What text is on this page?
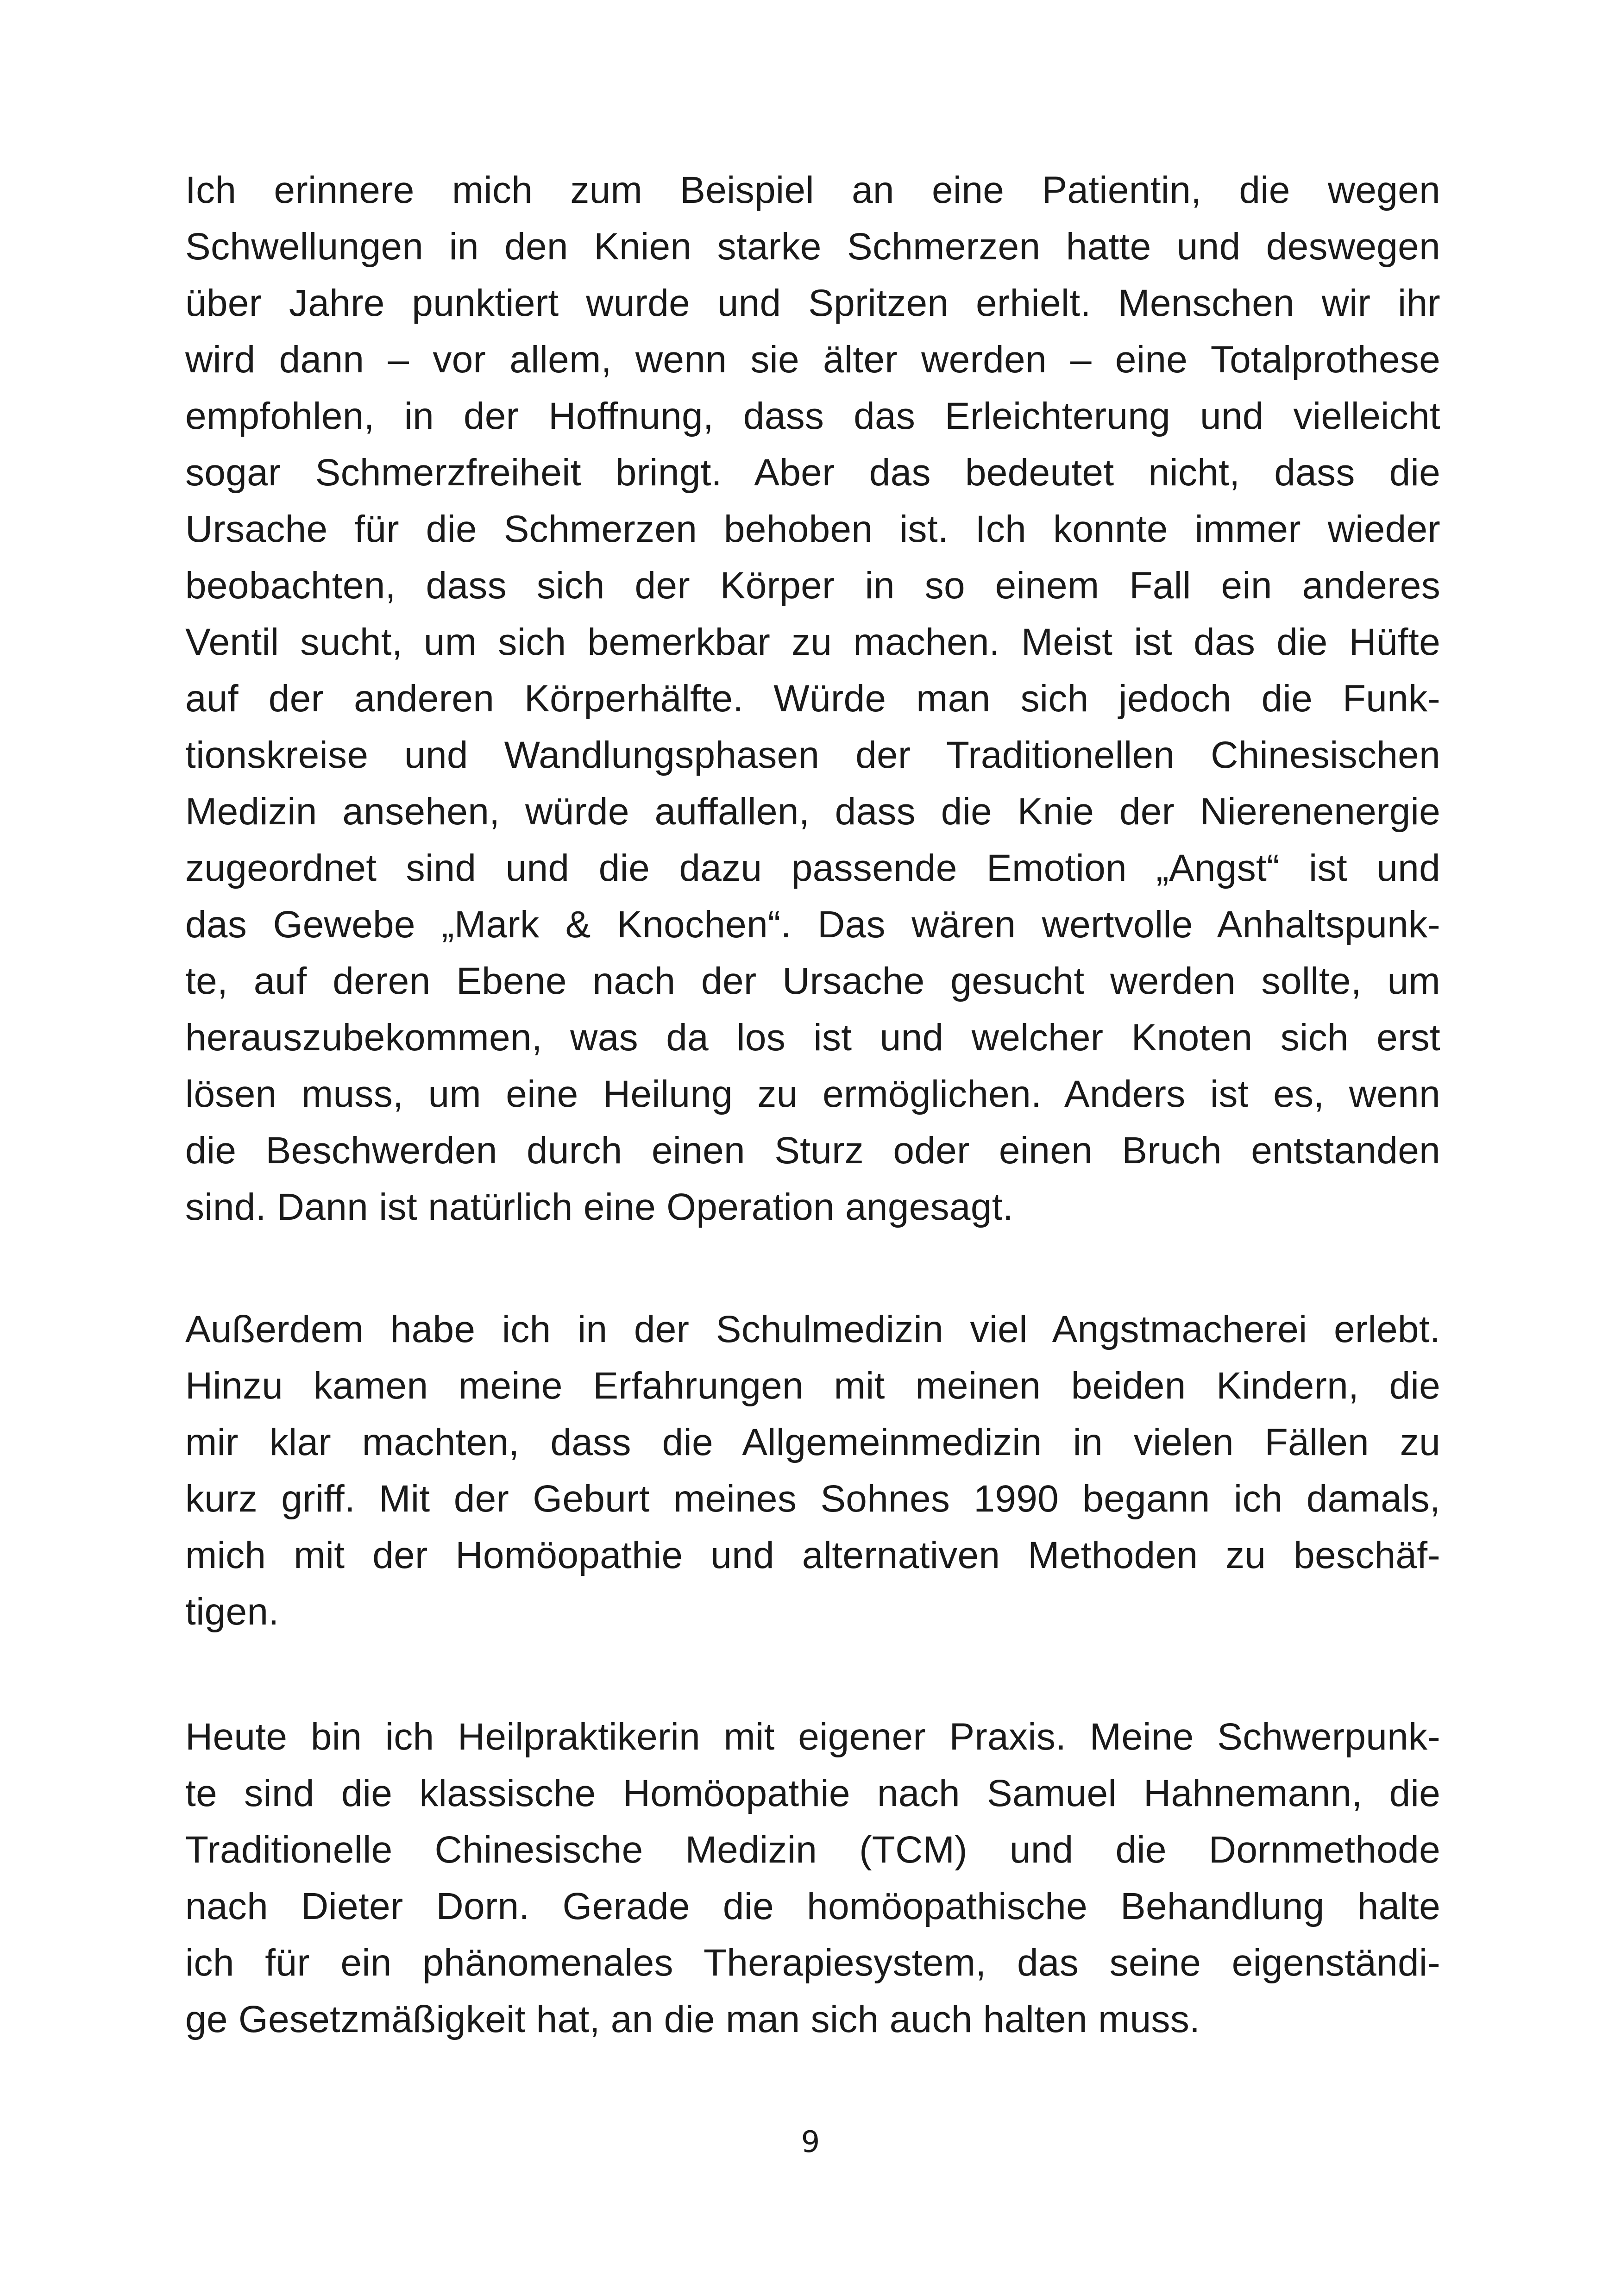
Ich erinnere mich zum Beispiel an eine Patientin, die wegen
Schwellungen in den Knien starke Schmerzen hatte und deswegen
über Jahre punktiert wurde und Spritzen erhielt. Menschen wir ihr
wird dann – vor allem, wenn sie älter werden – eine Totalprothese
empfohlen, in der Hoffnung, dass das Erleichterung und vielleicht
sogar Schmerzfreiheit bringt. Aber das bedeutet nicht, dass die
Ursache für die Schmerzen behoben ist. Ich konnte immer wieder
beobachten, dass sich der Körper in so einem Fall ein anderes
Ventil sucht, um sich bemerkbar zu machen. Meist ist das die Hüfte
auf der anderen Körperhälfte. Würde man sich jedoch die Funk-
tionskreise und Wandlungsphasen der Traditionellen Chinesischen
Medizin ansehen, würde auffallen, dass die Knie der Nierenenergie
zugeordnet sind und die dazu passende Emotion „Angst“ ist und
das Gewebe „Mark & Knochen“. Das wären wertvolle Anhaltspunk-
te, auf deren Ebene nach der Ursache gesucht werden sollte, um
herauszubekommen, was da los ist und welcher Knoten sich erst
lösen muss, um eine Heilung zu ermöglichen. Anders ist es, wenn
die Beschwerden durch einen Sturz oder einen Bruch entstanden
sind. Dann ist natürlich eine Operation angesagt.
Außerdem habe ich in der Schulmedizin viel Angstmacherei erlebt.
Hinzu kamen meine Erfahrungen mit meinen beiden Kindern, die
mir klar machten, dass die Allgemeinmedizin in vielen Fällen zu
kurz griff. Mit der Geburt meines Sohnes 1990 begann ich damals,
mich mit der Homöopathie und alternativen Methoden zu beschäf-
tigen.
Heute bin ich Heilpraktikerin mit eigener Praxis. Meine Schwerpunk-
te sind die klassische Homöopathie nach Samuel Hahnemann, die
Traditionelle Chinesische Medizin (TCM) und die Dornmethode
nach Dieter Dorn. Gerade die homöopathische Behandlung halte
ich für ein phänomenales Therapiesystem, das seine eigenständi-
ge Gesetzmäßigkeit hat, an die man sich auch halten muss.
9
